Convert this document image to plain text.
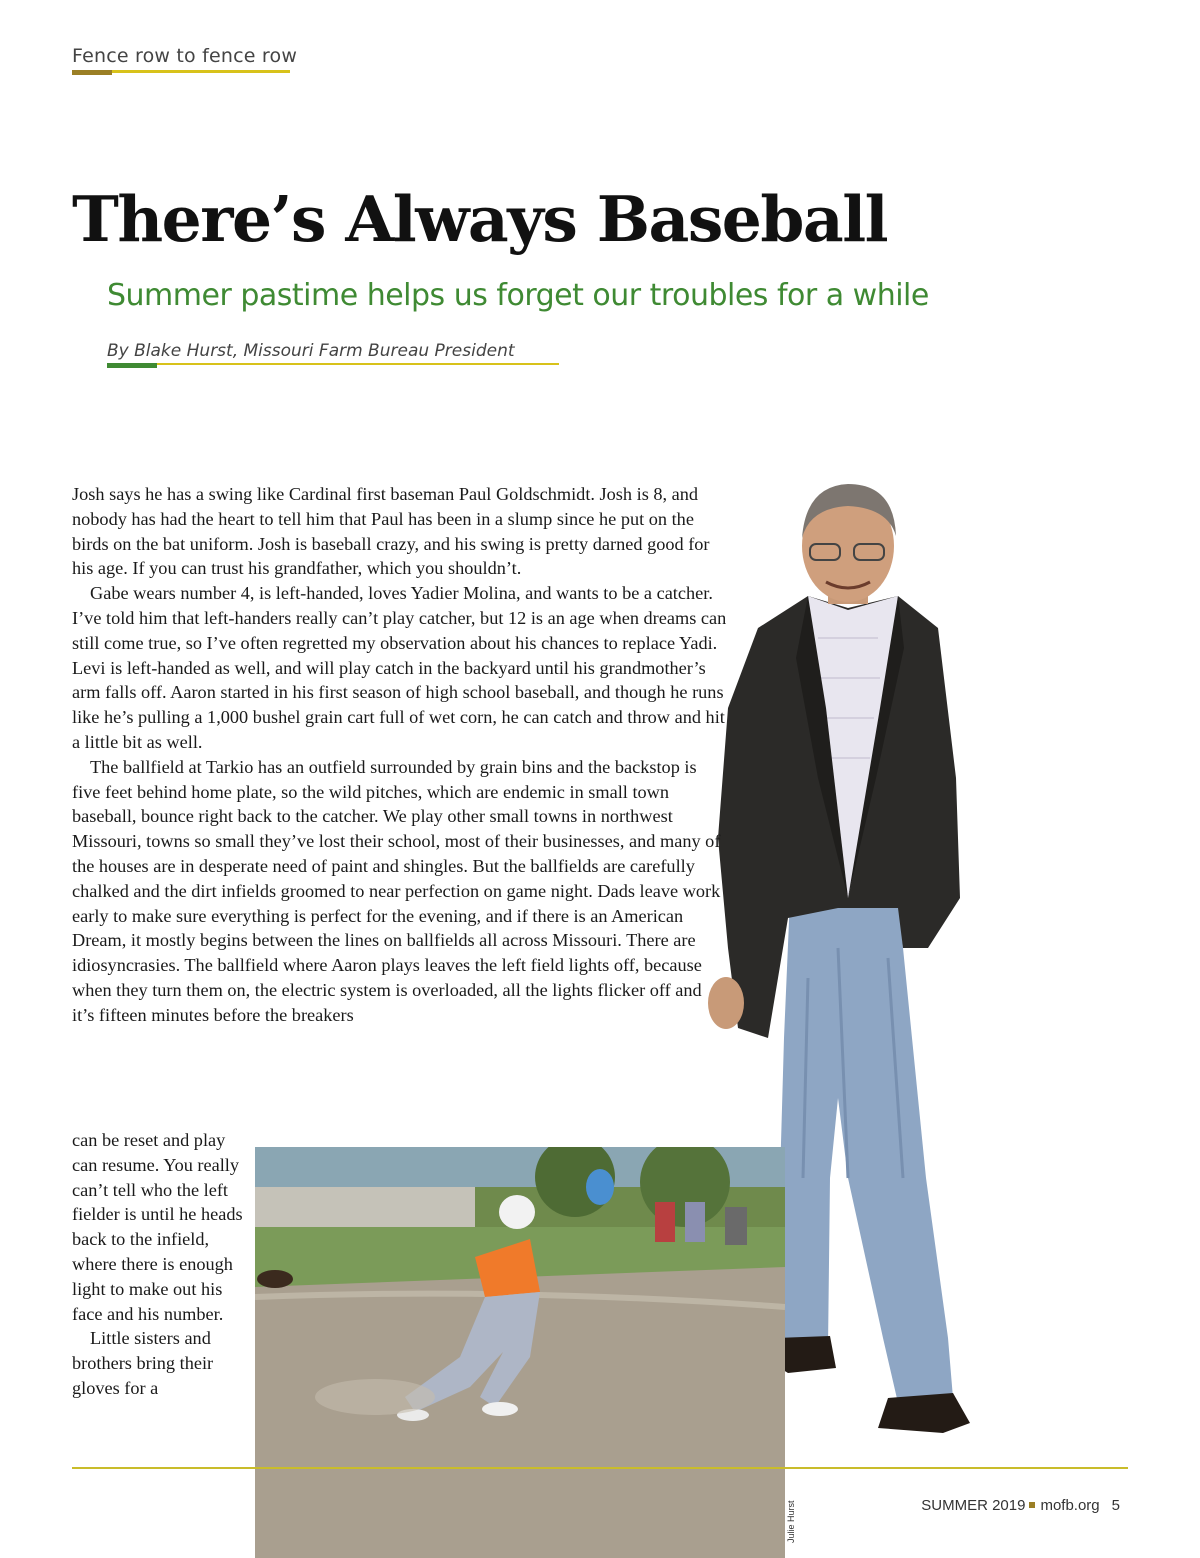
Fence row to fence row
There’s Always Baseball
Summer pastime helps us forget our troubles for a while
By Blake Hurst, Missouri Farm Bureau President

Josh says he has a swing like Cardinal first baseman Paul Goldschmidt. Josh is 8, and nobody has had the heart to tell him that Paul has been in a slump since he put on the birds on the bat uniform. Josh is baseball crazy, and his swing is pretty darned good for his age. If you can trust his grandfather, which you shouldn’t.

Gabe wears number 4, is left-handed, loves Yadier Molina, and wants to be a catcher. I’ve told him that left-handers really can’t play catcher, but 12 is an age when dreams can still come true, so I’ve often regretted my observation about his chances to replace Yadi. Levi is left-handed as well, and will play catch in the backyard until his grandmother’s arm falls off. Aaron started in his first season of high school baseball, and though he runs like he’s pulling a 1,000 bushel grain cart full of wet corn, he can catch and throw and hit a little bit as well.

The ballfield at Tarkio has an outfield surrounded by grain bins and the backstop is five feet behind home plate, so the wild pitches, which are endemic in small town baseball, bounce right back to the catcher. We play other small towns in northwest Missouri, towns so small they’ve lost their school, most of their businesses, and many of the houses are in desperate need of paint and shingles. But the ballfields are carefully chalked and the dirt infields groomed to near perfection on game night. Dads leave work early to make sure everything is perfect for the evening, and if there is an American Dream, it mostly begins between the lines on ballfields all across Missouri. There are idiosyncrasies. The ballfield where Aaron plays leaves the left field lights off, because when they turn them on, the electric system is overloaded, all the lights flicker off and it’s fifteen minutes before the breakers

can be reset and play can resume. You really can’t tell who the left fielder is until he heads back to the infield, where there is enough light to make out his face and his number.

Little sisters and brothers bring their gloves for a

Julie Hurst	SUMMER 2019 mofb.org 5
